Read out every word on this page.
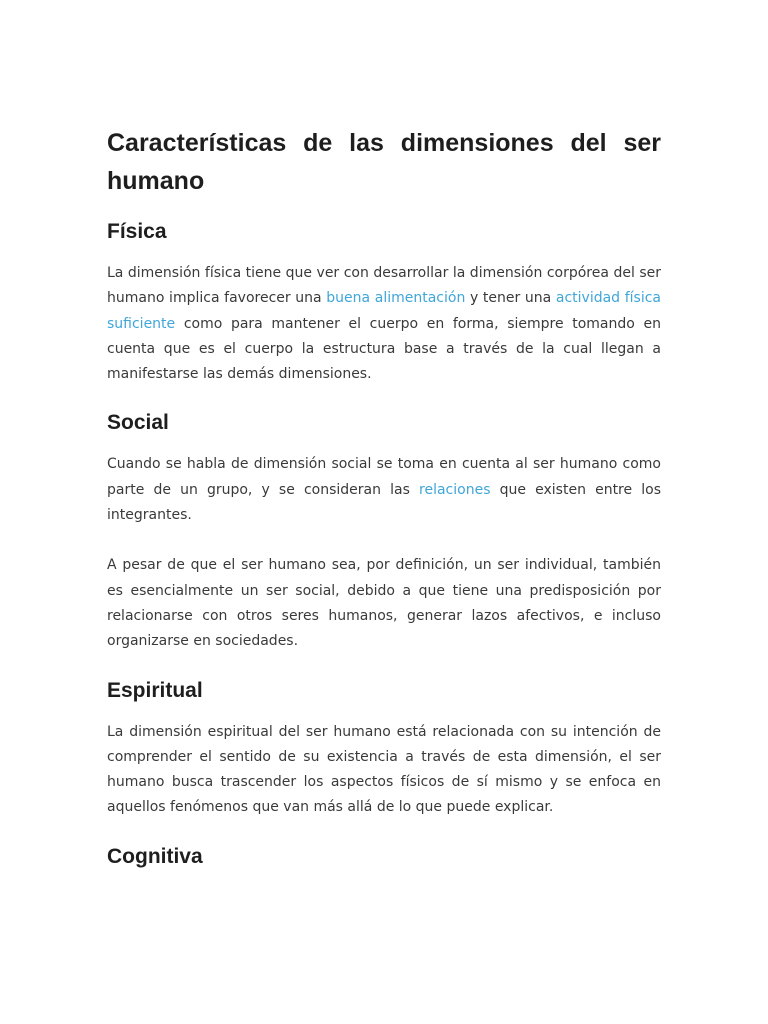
Características de las dimensiones del ser humano
Física

La dimensión física tiene que ver con desarrollar la dimensión corpórea del ser humano implica favorecer una buena alimentación y tener una actividad física suficiente como para mantener el cuerpo en forma, siempre tomando en cuenta que es el cuerpo la estructura base a través de la cual llegan a manifestarse las demás dimensiones.

Social

Cuando se habla de dimensión social se toma en cuenta al ser humano como parte de un grupo, y se consideran las relaciones que existen entre los integrantes.

A pesar de que el ser humano sea, por definición, un ser individual, también es esencialmente un ser social, debido a que tiene una predisposición por relacionarse con otros seres humanos, generar lazos afectivos, e incluso organizarse en sociedades.

Espiritual

La dimensión espiritual del ser humano está relacionada con su intención de comprender el sentido de su existencia a través de esta dimensión, el ser humano busca trascender los aspectos físicos de sí mismo y se enfoca en aquellos fenómenos que van más allá de lo que puede explicar.

Cognitiva
